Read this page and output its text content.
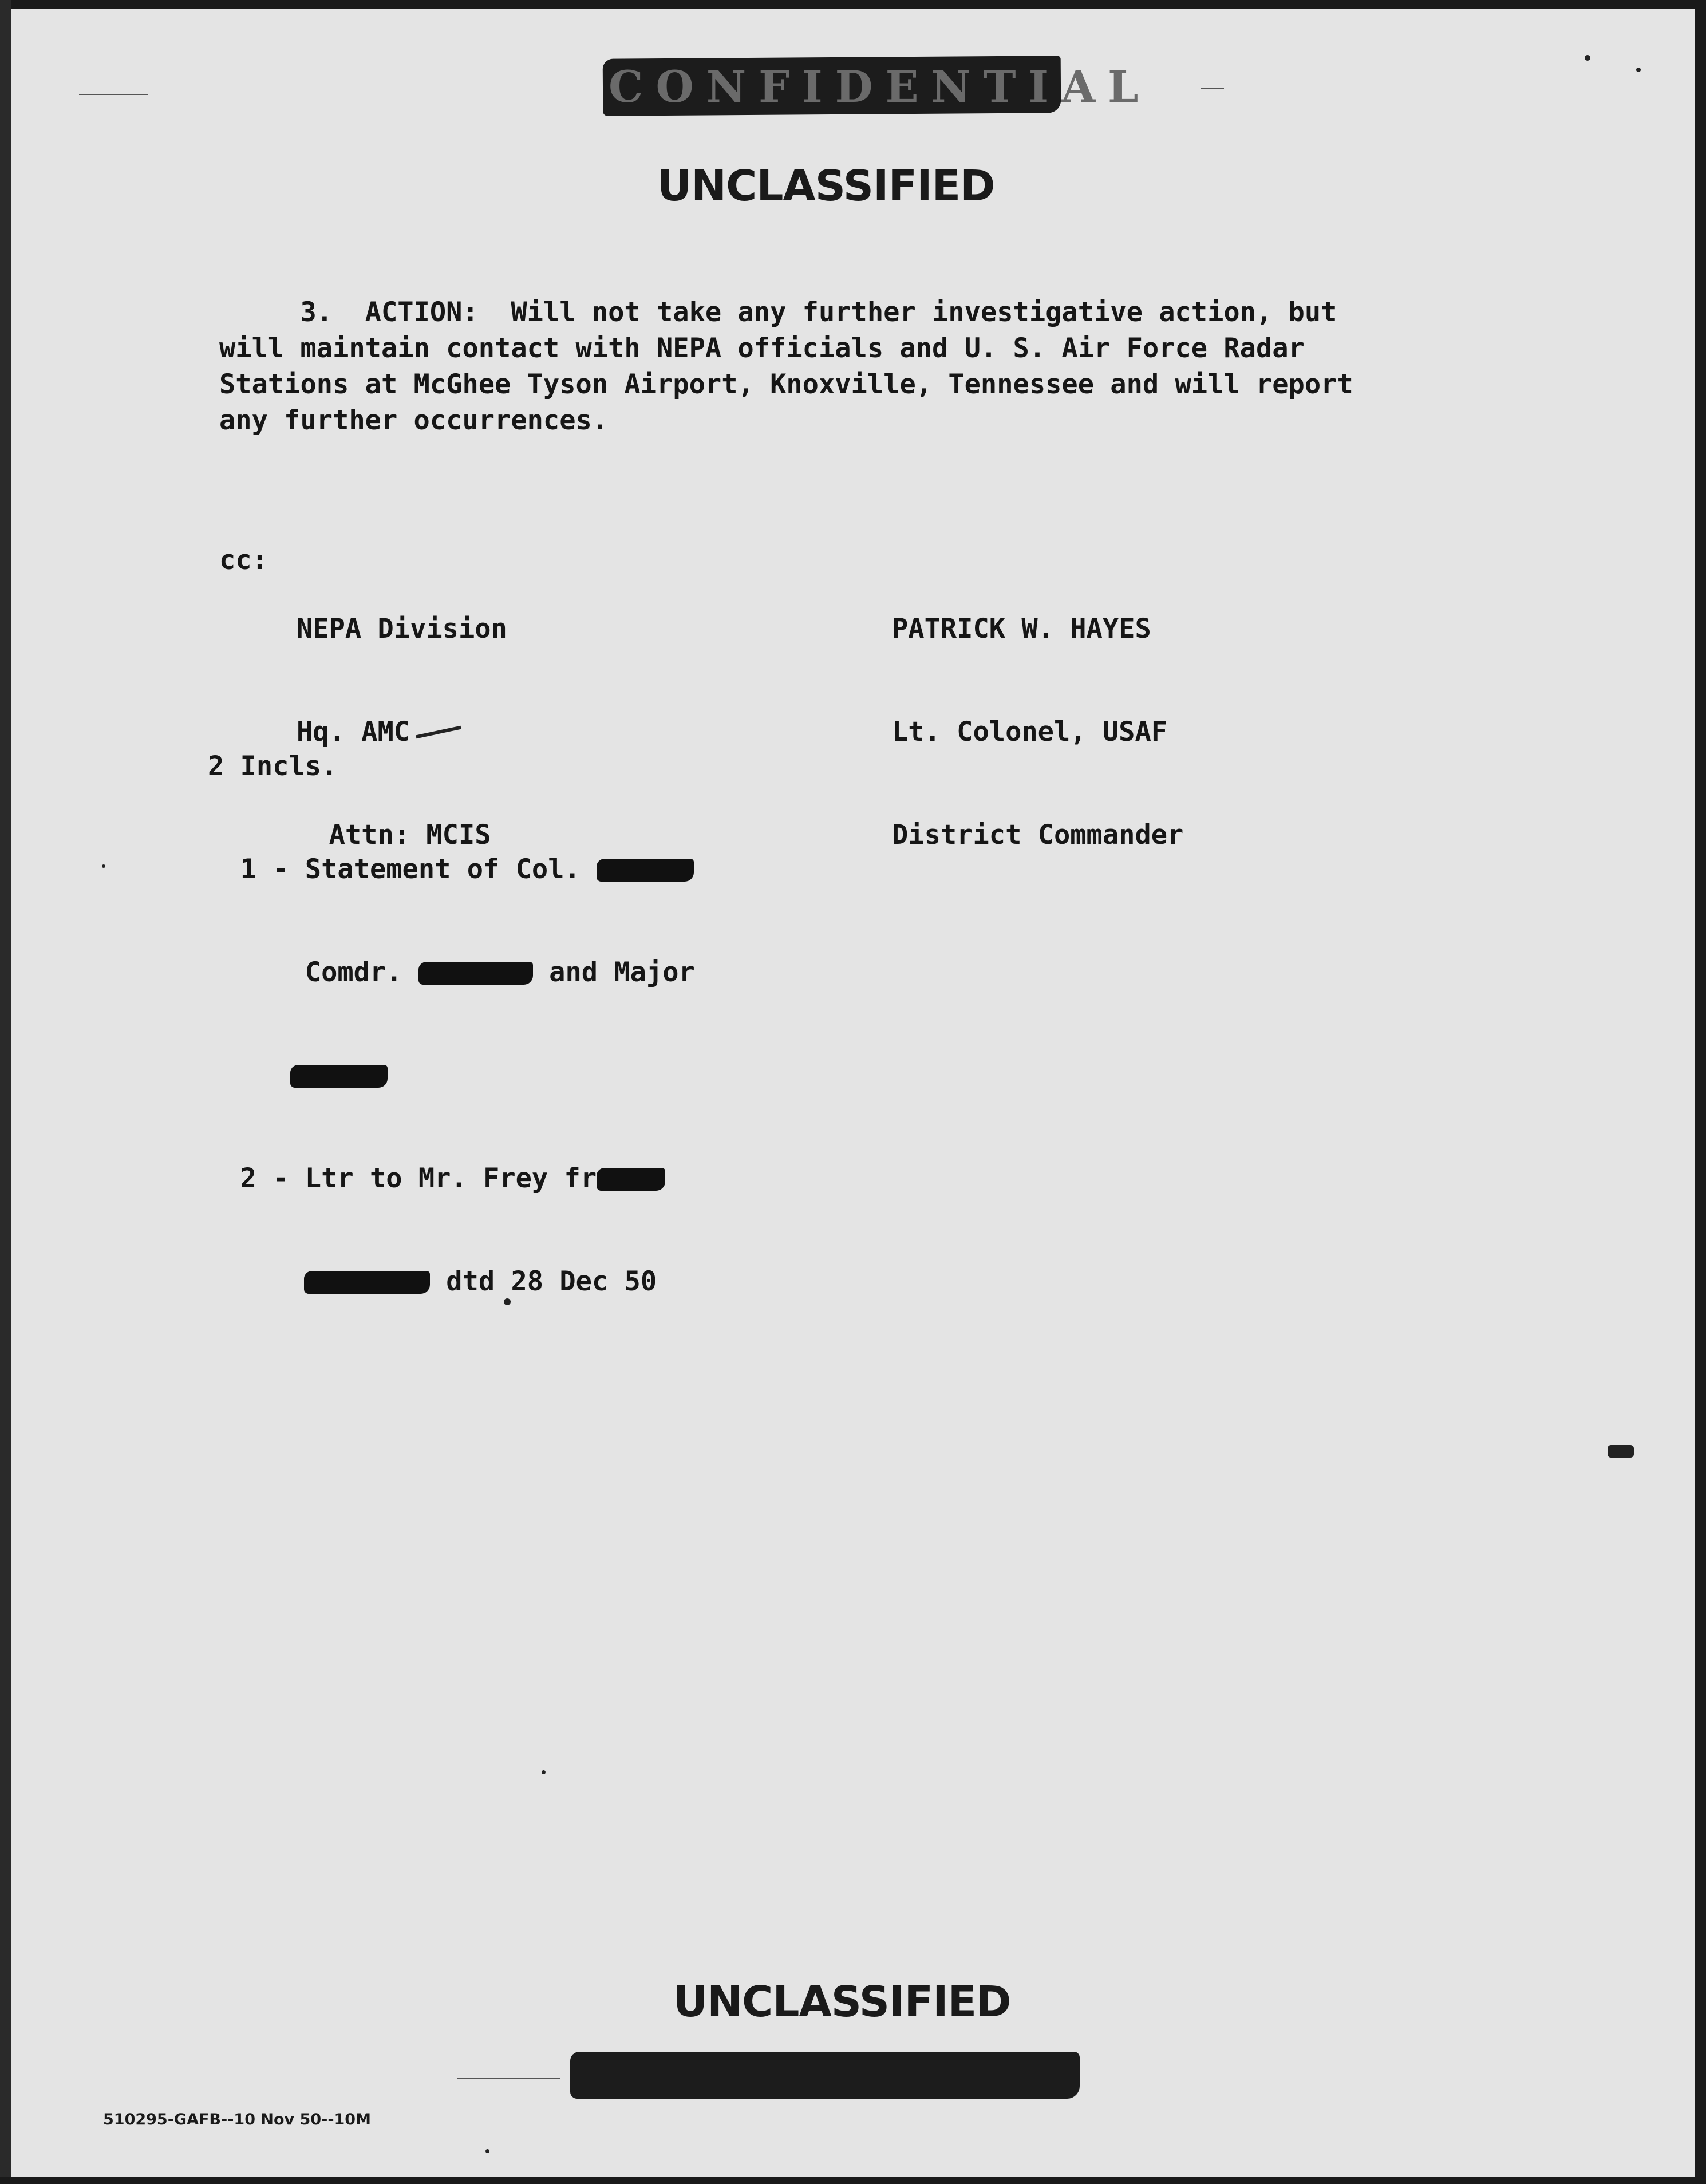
CONFIDENTIAL
UNCLASSIFIED
3.  ACTION:  Will not take any further investigative action, but
will maintain contact with NEPA officials and U. S. Air Force Radar
Stations at McGhee Tyson Airport, Knoxville, Tennessee and will report
any further occurrences.
cc:

NEPA Division

Hq. AMC

Attn: MCIS

PATRICK W. HAYES

Lt. Colonel, USAF

District Commander

2 Incls.

1 - Statement of Col.

Comdr.	and Major

2 - Ltr to Mr. Frey fr

dtd 28 Dec 50

UNCLASSIFIED
510295-GAFB--10 Nov 50--10M
